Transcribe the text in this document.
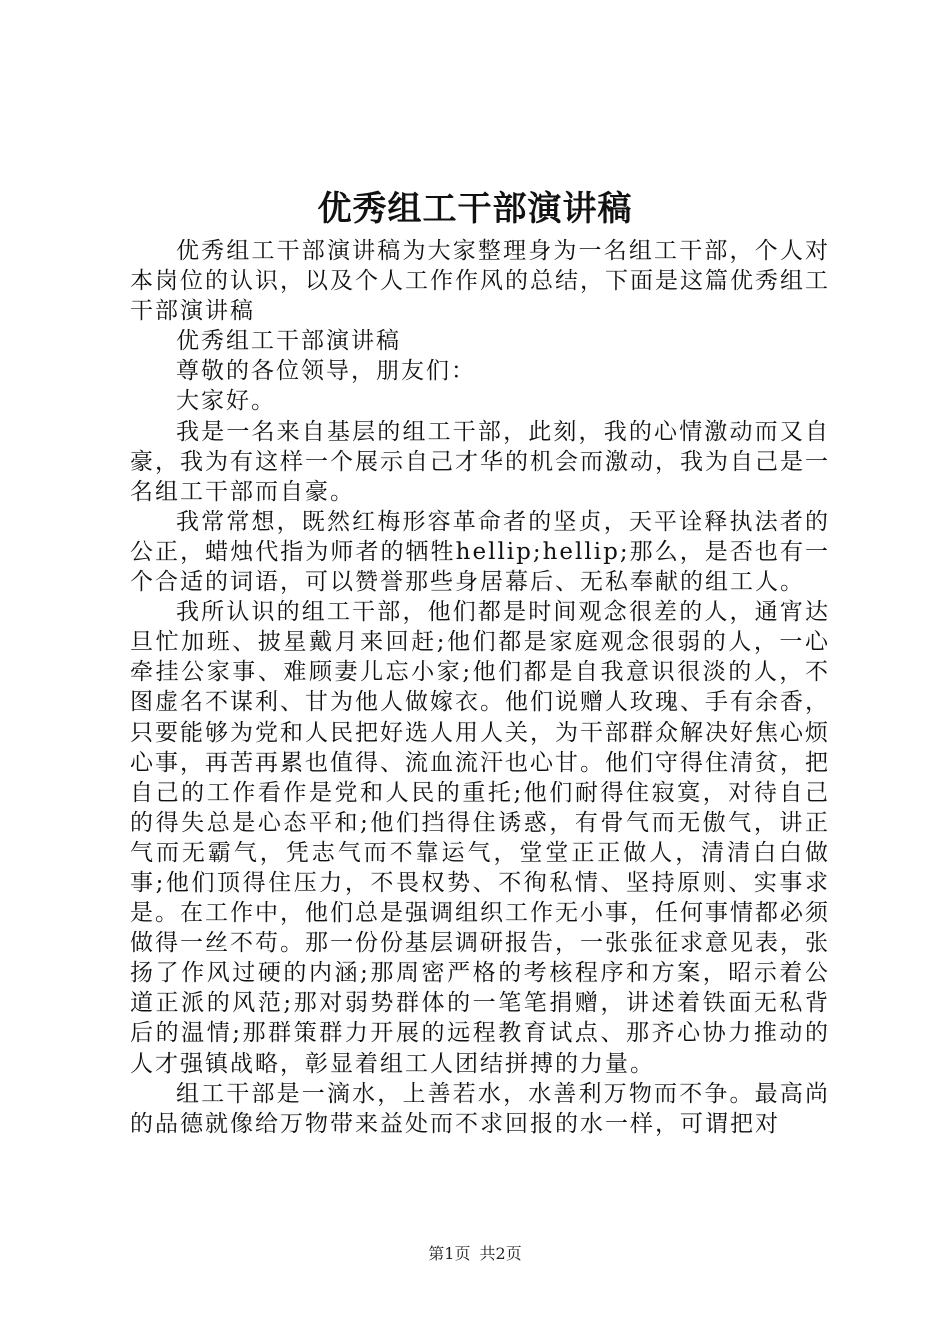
优秀组工干部演讲稿

优秀组工干部演讲稿为大家整理身为一名组工干部，个人对本岗位的认识，以及个人工作作风的总结，下面是这篇优秀组工干部演讲稿

优秀组工干部演讲稿

尊敬的各位领导，朋友们：

大家好。

我是一名来自基层的组工干部，此刻，我的心情激动而又自豪，我为有这样一个展示自己才华的机会而激动，我为自己是一名组工干部而自豪。

我常常想，既然红梅形容革命者的坚贞，天平诠释执法者的公正，蜡烛代指为师者的牺牲hellip;hellip;那么，是否也有一个合适的词语，可以赞誉那些身居幕后、无私奉献的组工人。

我所认识的组工干部，他们都是时间观念很差的人，通宵达旦忙加班、披星戴月来回赶;他们都是家庭观念很弱的人，一心牵挂公家事、难顾妻儿忘小家;他们都是自我意识很淡的人，不图虚名不谋利、甘为他人做嫁衣。他们说赠人玫瑰、手有余香，只要能够为党和人民把好选人用人关，为干部群众解决好焦心烦心事，再苦再累也值得、流血流汗也心甘。他们守得住清贫，把自己的工作看作是党和人民的重托;他们耐得住寂寞，对待自己的得失总是心态平和;他们挡得住诱惑，有骨气而无傲气，讲正气而无霸气，凭志气而不靠运气，堂堂正正做人，清清白白做事;他们顶得住压力，不畏权势、不徇私情、坚持原则、实事求是。在工作中，他们总是强调组织工作无小事，任何事情都必须做得一丝不苟。那一份份基层调研报告，一张张征求意见表，张扬了作风过硬的内涵;那周密严格的考核程序和方案，昭示着公道正派的风范;那对弱势群体的一笔笔捐赠，讲述着铁面无私背后的温情;那群策群力开展的远程教育试点、那齐心协力推动的人才强镇战略，彰显着组工人团结拼搏的力量。

组工干部是一滴水，上善若水，水善利万物而不争。最高尚的品德就像给万物带来益处而不求回报的水一样，可谓把对

第1页 共2页
